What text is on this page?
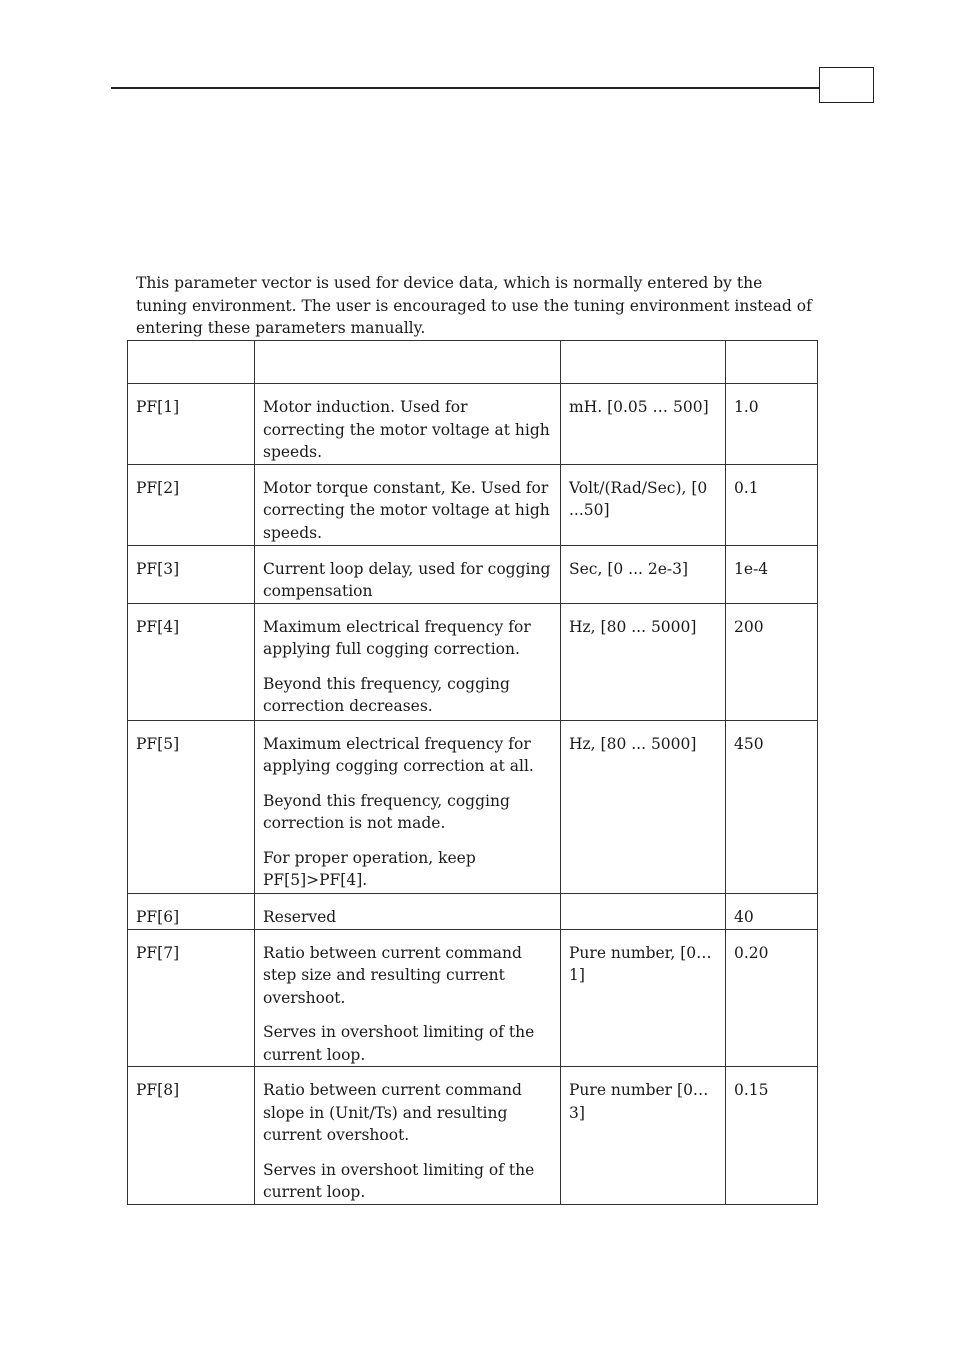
This parameter vector is used for device data, which is normally entered by the tuning environment. The user is encouraged to use the tuning environment instead of entering these parameters manually.

PF[1]	Motor induction. Used for correcting the motor voltage at high speeds.	mH. [0.05 … 500]	1.0
PF[2]	Motor torque constant, Ke. Used for correcting the motor voltage at high speeds.	Volt/(Rad/Sec), [0 ...50]	0.1
PF[3]	Current loop delay, used for cogging compensation	Sec, [0 ... 2e-3]	1e-4
PF[4]	Maximum electrical frequency for applying full cogging correction.

Beyond this frequency, cogging correction decreases.	Hz, [80 ... 5000]	200
PF[5]	Maximum electrical frequency for applying cogging correction at all.

Beyond this frequency, cogging correction is not made.

For proper operation, keep PF[5]>PF[4].	Hz, [80 ... 5000]	450
PF[6]	Reserved		40
PF[7]	Ratio between current command step size and resulting current overshoot.

Serves in overshoot limiting of the current loop.	Pure number, [0…1]	0.20
PF[8]	Ratio between current command slope in (Unit/Ts) and resulting current overshoot.

Serves in overshoot limiting of the current loop.	Pure number [0…3]	0.15
